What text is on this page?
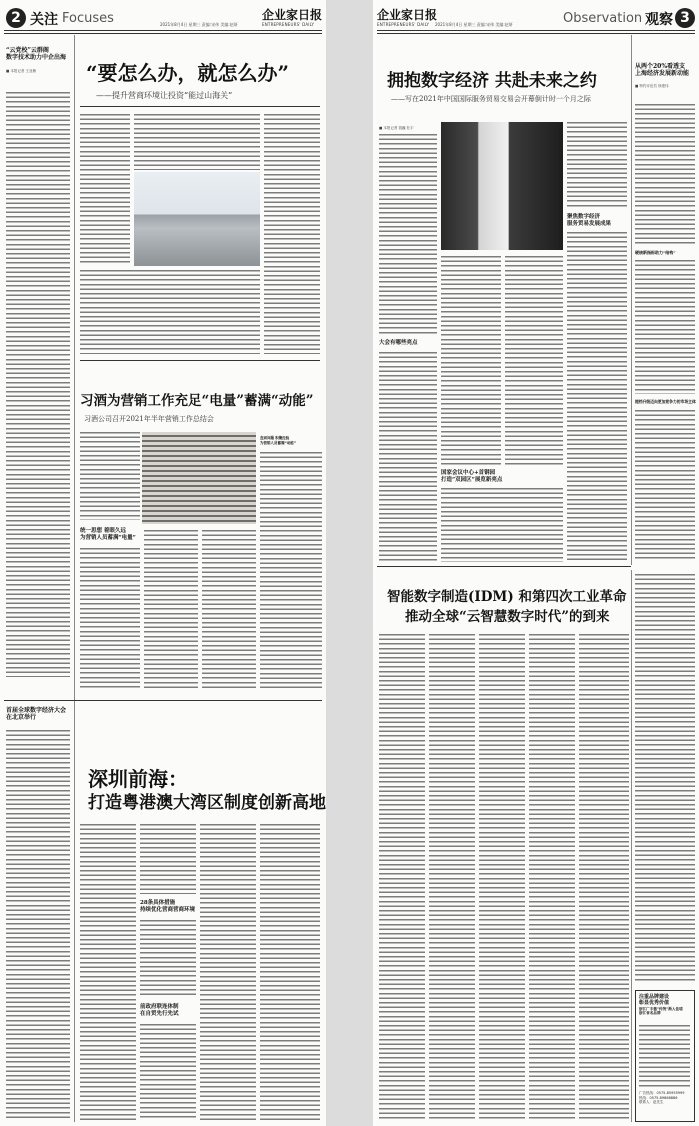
2 关注 Focuses	企业家日报
ENTREPRENEURS' DAILY
2021年8月4日 星期三 责编:宋伟 美编:赵妍
“云党校”云群阁
数字技术助力中企出海
■ 本报记者 王亚楠	“要怎么办，就怎么办”
——提升营商环境让投资“能过山海关”
习酒为营销工作充足“电量”蓄满“动能”
习酒公司召开2021年半年营销工作总结会
直面问题 积聚经验
为营销人员蓄满“动能”
统一思想 着眼久远
为营销人员蓄满“电量”
首届全球数字经济大会
在北京举行
深圳前海：
打造粤港澳大湾区制度创新高地
28条具体措施
持续优化营商营商环境
前政府联连体制
在自贸先行先试
企业家日报
ENTREPRENEURS' DAILY 2021年8月4日 星期三 责编:宋伟 美编:赵妍	Observation 观察 3
拥抱数字经济 共赴未来之约
——写在2021年中国国际服务贸易交易会开幕倒计时一个月之际
■ 本报记者 钱巍 杜宇
聚焦数字经济
服务贸易发展成果
大会有哪些亮点
国家会议中心+首钢园
打造“双园区”展览新亮点
从两个20%看透支
上海经济发展新动能
■ 特约评论员 徐建伟
硬核新指标助力“结构”
提档升级迈向更加竞争力的市场主体
智能数字制造(IDM) 和第四次工业革命
推动全球“云智慧数字时代”的到来
注重品牌建设
彰显优秀价值
浙江广丰酱“传统”渐入佳境
浙江省名品牌
广告热线：0575-85955999
热线：0575-89866886
联系人：赵先生
